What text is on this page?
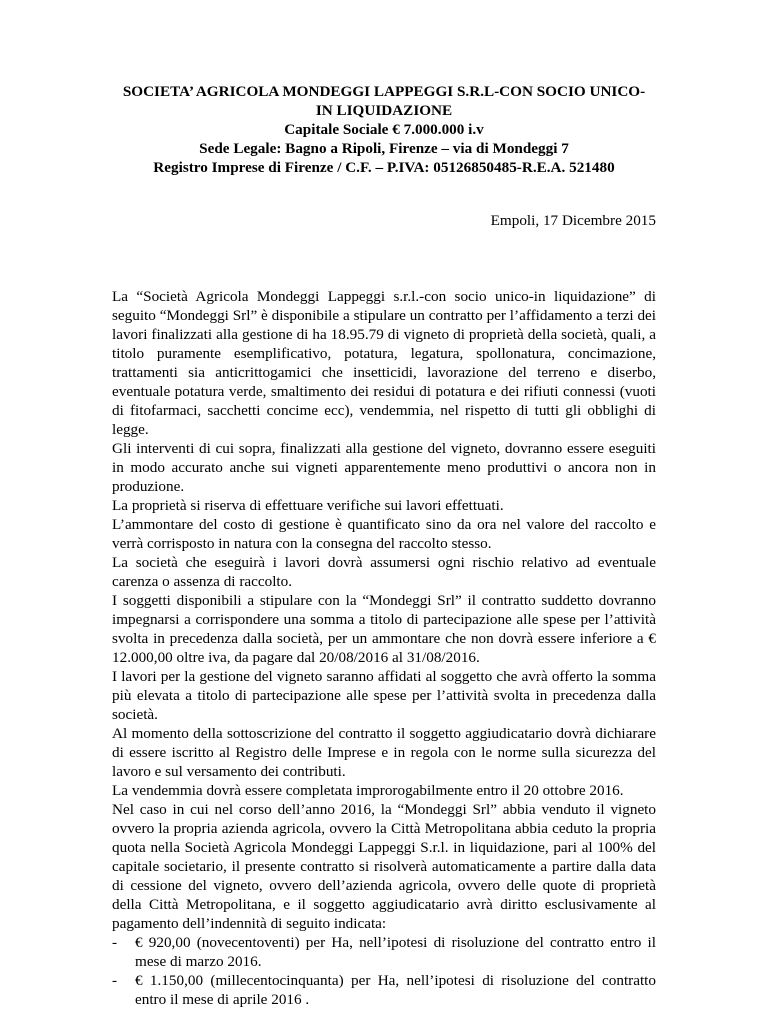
SOCIETA’ AGRICOLA MONDEGGI LAPPEGGI S.R.L-CON SOCIO UNICO-
IN LIQUIDAZIONE
Capitale Sociale € 7.000.000 i.v
Sede Legale: Bagno a Ripoli, Firenze – via di Mondeggi 7
Registro Imprese di Firenze / C.F. – P.IVA: 05126850485-R.E.A. 521480
Empoli, 17 Dicembre 2015

La “Società Agricola Mondeggi Lappeggi s.r.l.-con socio unico-in liquidazione” di seguito “Mondeggi Srl” è disponibile a stipulare un contratto per l’affidamento a terzi dei lavori finalizzati alla gestione di ha 18.95.79 di vigneto di proprietà della società, quali, a titolo puramente esemplificativo, potatura, legatura, spollonatura, concimazione, trattamenti sia anticrittogamici che insetticidi, lavorazione del terreno e diserbo, eventuale potatura verde, smaltimento dei residui di potatura e dei rifiuti connessi (vuoti di fitofarmaci, sacchetti concime ecc), vendemmia, nel rispetto di tutti gli obblighi di legge.

Gli interventi di cui sopra, finalizzati alla gestione del vigneto, dovranno essere eseguiti in modo accurato anche sui vigneti apparentemente meno produttivi o ancora non in produzione.

La proprietà si riserva di effettuare verifiche sui lavori effettuati.

L’ammontare del costo di gestione è quantificato sino da ora nel valore del raccolto e verrà corrisposto in natura con la consegna del raccolto stesso.

La società che eseguirà i lavori dovrà assumersi ogni rischio relativo ad eventuale carenza o assenza di raccolto.

I soggetti disponibili a stipulare con la “Mondeggi Srl” il contratto suddetto dovranno impegnarsi a corrispondere una somma a titolo di partecipazione alle spese per l’attività svolta in precedenza dalla società, per un ammontare che non dovrà essere inferiore a € 12.000,00 oltre iva, da pagare dal 20/08/2016 al 31/08/2016.

I lavori per la gestione del vigneto saranno affidati al soggetto che avrà offerto la somma più elevata a titolo di partecipazione alle spese per l’attività svolta in precedenza dalla società.

Al momento della sottoscrizione del contratto il soggetto aggiudicatario dovrà dichiarare di essere iscritto al Registro delle Imprese e in regola con le norme sulla sicurezza del lavoro e sul versamento dei contributi.

La vendemmia dovrà essere completata improrogabilmente entro il 20 ottobre 2016.

Nel caso in cui nel corso dell’anno 2016, la “Mondeggi Srl” abbia venduto il vigneto ovvero la propria azienda agricola, ovvero la Città Metropolitana abbia ceduto la propria quota nella Società Agricola Mondeggi Lappeggi S.r.l. in liquidazione, pari al 100% del capitale societario, il presente contratto si risolverà automaticamente a partire dalla data di cessione del vigneto, ovvero dell’azienda agricola, ovvero delle quote di proprietà della Città Metropolitana, e il soggetto aggiudicatario avrà diritto esclusivamente al pagamento dell’indennità di seguito indicata:

- € 920,00 (novecentoventi) per Ha, nell’ipotesi di risoluzione del contratto entro il mese di marzo 2016.
- € 1.150,00 (millecentocinquanta) per Ha, nell’ipotesi di risoluzione del contratto entro il mese di aprile 2016 .
